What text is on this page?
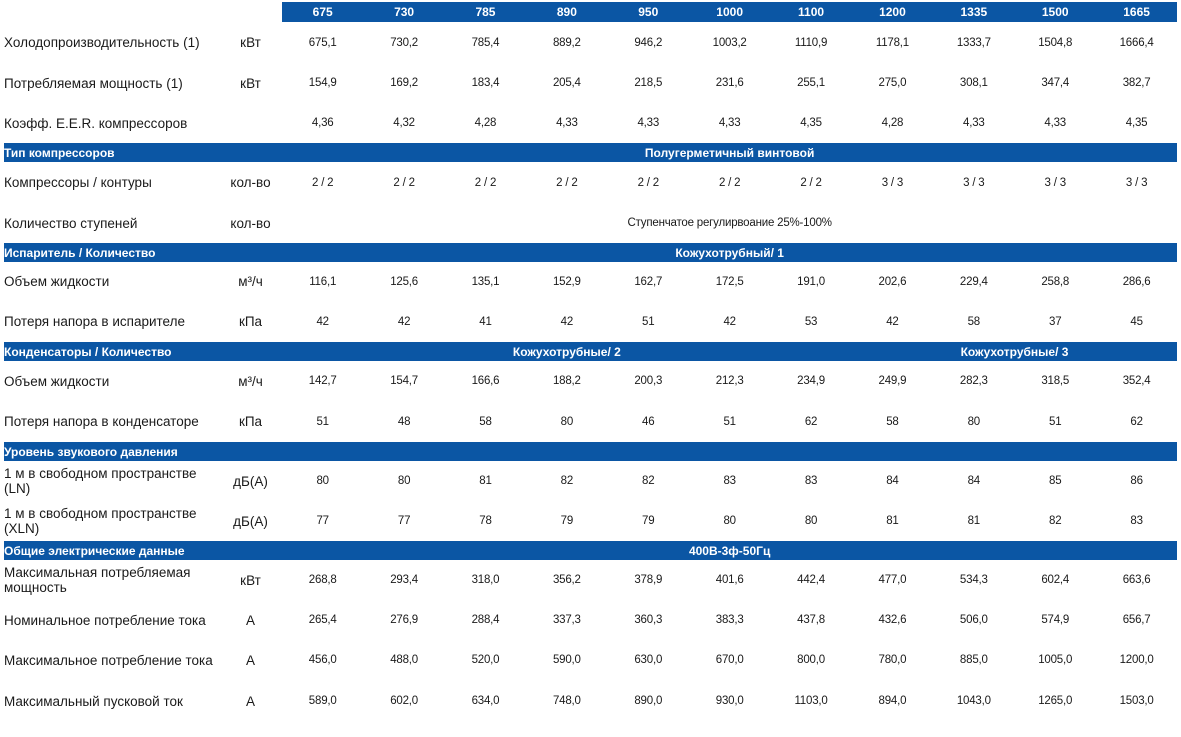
		675	730	785	890	950	1000	1100	1200	1335	1500	1665
Холодопроизводительность (1)	кВт	675,1	730,2	785,4	889,2	946,2	1003,2	1110,9	1178,1	1333,7	1504,8	1666,4
Потребляемая мощность (1)	кВт	154,9	169,2	183,4	205,4	218,5	231,6	255,1	275,0	308,1	347,4	382,7
Коэфф. E.E.R. компрессоров		4,36	4,32	4,28	4,33	4,33	4,33	4,35	4,28	4,33	4,33	4,35
Тип компрессоров		Полугерметичный винтовой										
Компрессоры / контуры	кол-во	2 / 2	2 / 2	2 / 2	2 / 2	2 / 2	2 / 2	2 / 2	3 / 3	3 / 3	3 / 3	3 / 3
Количество ступеней	кол-во	Ступенчатое регулирвоание 25%-100%										
Испаритель / Количество		Кожухотрубный/ 1										
Объем жидкости	м³/ч	116,1	125,6	135,1	152,9	162,7	172,5	191,0	202,6	229,4	258,8	286,6
Потеря напора в испарителе	кПа	42	42	41	42	51	42	53	42	58	37	45
Конденсаторы / Количество		Кожухотрубные/ 2							Кожухотрубные/ 3			
Объем жидкости	м³/ч	142,7	154,7	166,6	188,2	200,3	212,3	234,9	249,9	282,3	318,5	352,4
Потеря напора в конденсаторе	кПа	51	48	58	80	46	51	62	58	80	51	62
Уровень звукового давления												
1 м в свободном пространстве (LN)	дБ(А)	80	80	81	82	82	83	83	84	84	85	86
1 м в свободном пространстве (XLN)	дБ(А)	77	77	78	79	79	80	80	81	81	82	83
Общие электрические данные		400В-3ф-50Гц										
Максимальная потребляемая мощность	кВт	268,8	293,4	318,0	356,2	378,9	401,6	442,4	477,0	534,3	602,4	663,6
Номинальное потребление тока	A	265,4	276,9	288,4	337,3	360,3	383,3	437,8	432,6	506,0	574,9	656,7
Максимальное потребление тока	A	456,0	488,0	520,0	590,0	630,0	670,0	800,0	780,0	885,0	1005,0	1200,0
Максимальный пусковой ток	A	589,0	602,0	634,0	748,0	890,0	930,0	1103,0	894,0	1043,0	1265,0	1503,0
